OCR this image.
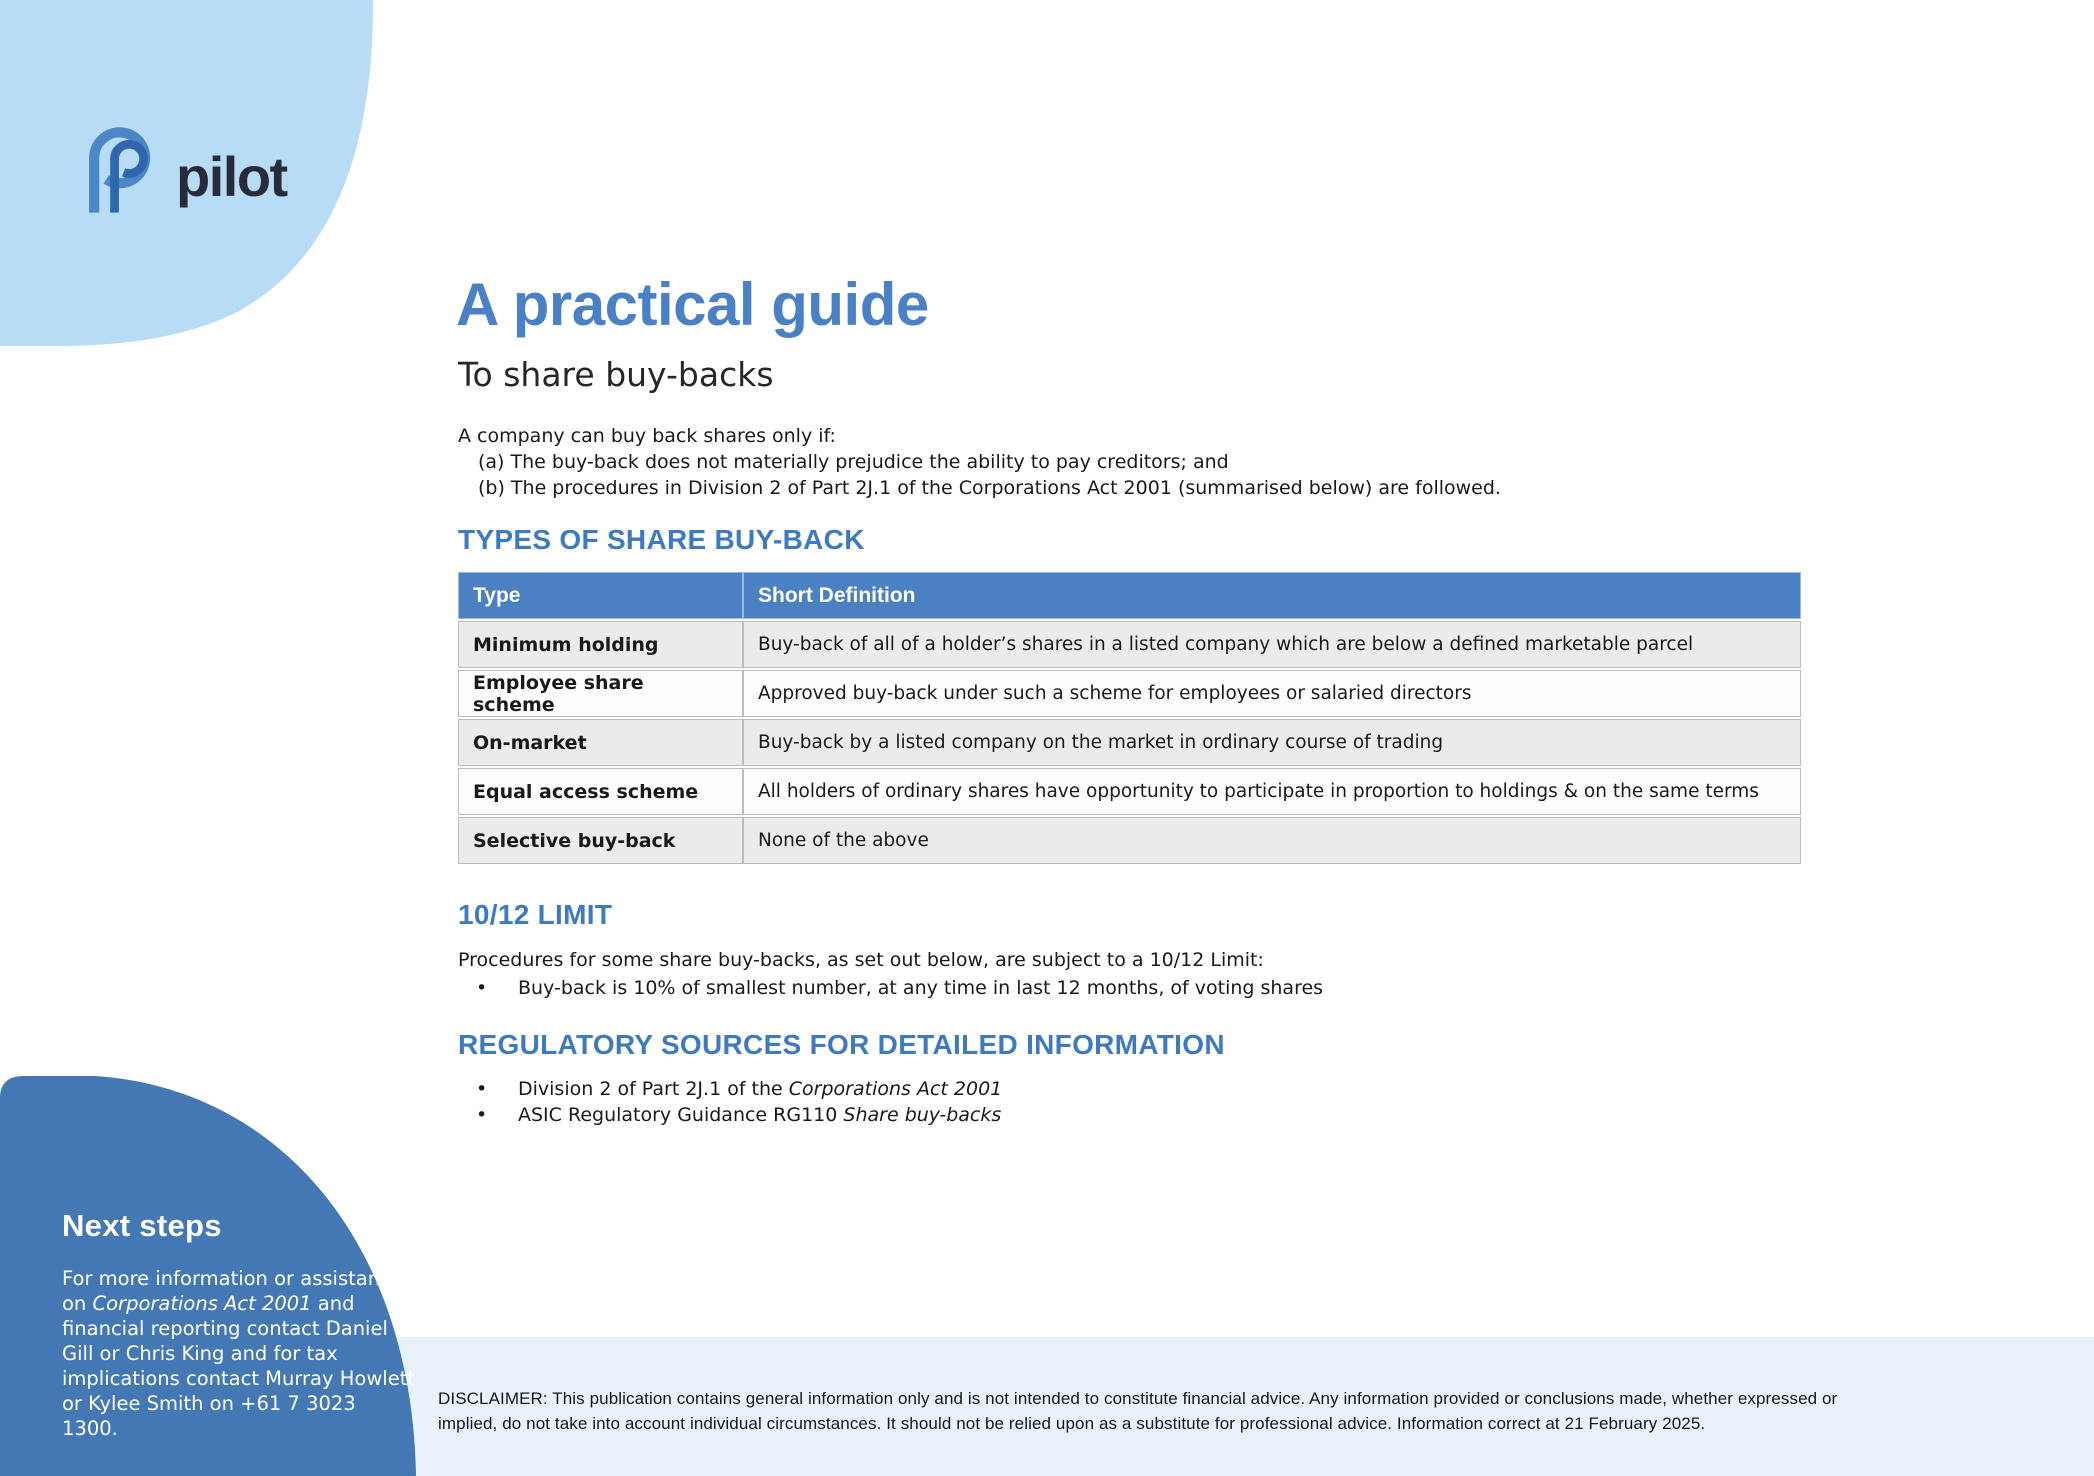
pilot
A practical guide
To share buy-backs
A company can buy back shares only if:
(a) The buy-back does not materially prejudice the ability to pay creditors; and
(b) The procedures in Division 2 of Part 2J.1 of the Corporations Act 2001 (summarised below) are followed.
TYPES OF SHARE BUY-BACK
Type	Short Definition
Minimum holding	Buy-back of all of a holder’s shares in a listed company which are below a defined marketable parcel
Employee share scheme	Approved buy-back under such a scheme for employees or salaried directors
On-market	Buy-back by a listed company on the market in ordinary course of trading
Equal access scheme	All holders of ordinary shares have opportunity to participate in proportion to holdings & on the same terms
Selective buy-back	None of the above
10/12 LIMIT
Procedures for some share buy-backs, as set out below, are subject to a 10/12 Limit:
•	Buy-back is 10% of smallest number, at any time in last 12 months, of voting shares
REGULATORY SOURCES FOR DETAILED INFORMATION
•	Division 2 of Part 2J.1 of the Corporations Act 2001
•	ASIC Regulatory Guidance RG110 Share buy-backs
Next steps
For more information or assistance on Corporations Act 2001 and financial reporting contact Daniel Gill or Chris King and for tax implications contact Murray Howlett or Kylee Smith on +61 7 3023 1300.
DISCLAIMER: This publication contains general information only and is not intended to constitute financial advice. Any information provided or conclusions made, whether expressed or implied, do not take into account individual circumstances. It should not be relied upon as a substitute for professional advice. Information correct at 21 February 2025.
